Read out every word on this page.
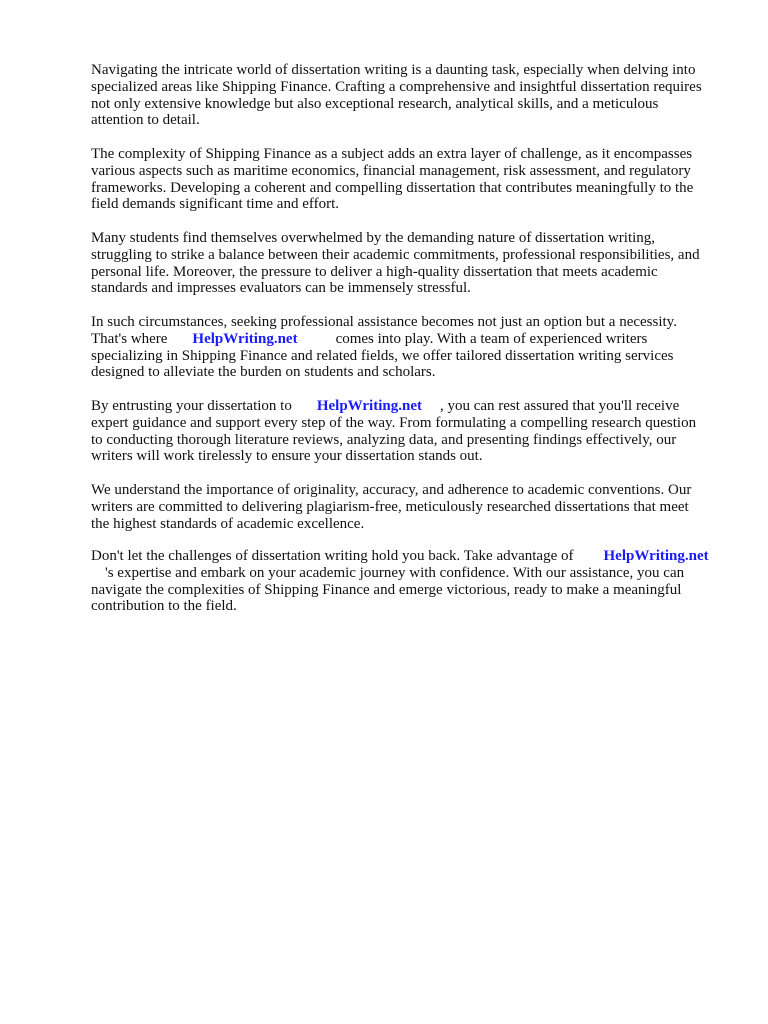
Navigating the intricate world of dissertation writing is a daunting task, especially when delving into
specialized areas like Shipping Finance. Crafting a comprehensive and insightful dissertation requires
not only extensive knowledge but also exceptional research, analytical skills, and a meticulous
attention to detail.
The complexity of Shipping Finance as a subject adds an extra layer of challenge, as it encompasses
various aspects such as maritime economics, financial management, risk assessment, and regulatory
frameworks. Developing a coherent and compelling dissertation that contributes meaningfully to the
field demands significant time and effort.
Many students find themselves overwhelmed by the demanding nature of dissertation writing,
struggling to strike a balance between their academic commitments, professional responsibilities, and
personal life. Moreover, the pressure to deliver a high-quality dissertation that meets academic
standards and impresses evaluators can be immensely stressful.
In such circumstances, seeking professional assistance becomes not just an option but a necessity.
That's where HelpWriting.net	comes into play. With a team of experienced writers
specializing in Shipping Finance and related fields, we offer tailored dissertation writing services
designed to alleviate the burden on students and scholars.
By entrusting your dissertation to HelpWriting.net , you can rest assured that you'll receive
expert guidance and support every step of the way. From formulating a compelling research question
to conducting thorough literature reviews, analyzing data, and presenting findings effectively, our
writers will work tirelessly to ensure your dissertation stands out.
We understand the importance of originality, accuracy, and adherence to academic conventions. Our
writers are committed to delivering plagiarism-free, meticulously researched dissertations that meet
the highest standards of academic excellence.
Don't let the challenges of dissertation writing hold you back. Take advantage of HelpWriting.net
's expertise and embark on your academic journey with confidence. With our assistance, you can
navigate the complexities of Shipping Finance and emerge victorious, ready to make a meaningful
contribution to the field.
